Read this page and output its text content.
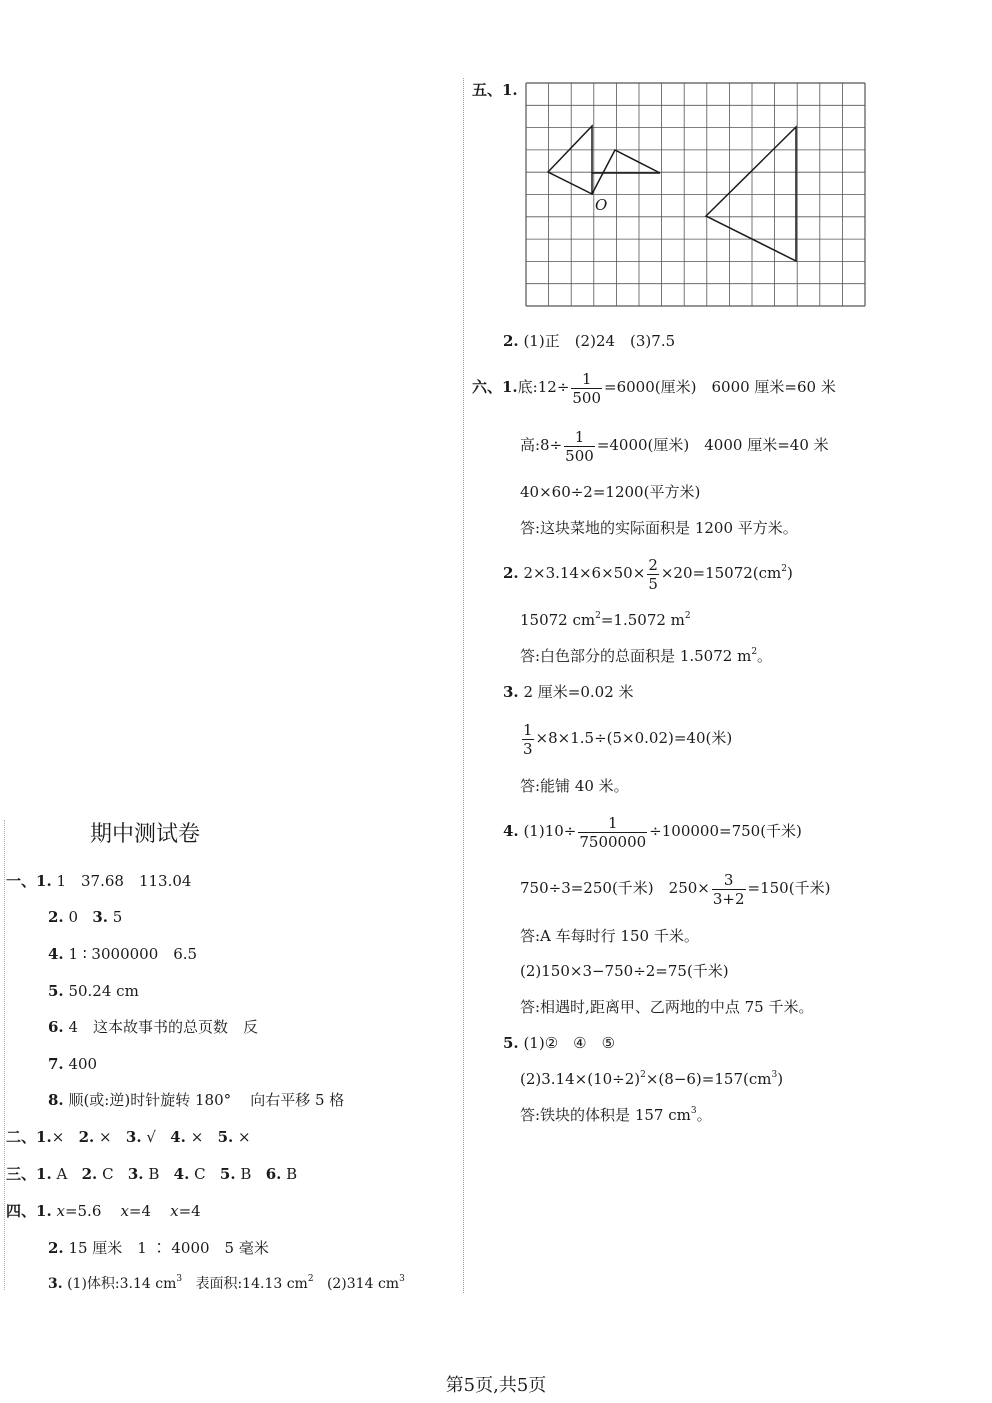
期中测试卷
一、1. 1　37.68　113.04
2. 0 3. 5
4. 1 ∶ 3000000　6.5
5. 50.24 cm
6. 4　这本故事书的总页数　反
7. 400
8. 顺(或:逆)时针旋转 180° 向右平移 5 格
二、1.× 2. × 3. √ 4. × 5. ×
三、1. A 2. C 3. B 4. C 5. B 6. B
四、1. x=5.6 x=4 x=4
2. 15 厘米　1 ∶ 4000　5 毫米
3. (1)体积:3.14 $cm^3$ 表面积:14.13 $cm^2$ (2)314 $cm^3$
五、1.
O
2. (1)正　(2)24　(3)7.5
六、1.底:12÷ $\frac{1}{500} =6000$(厘米)　6000 厘米=60 米
高:8÷ $\frac{1}{500} =4000$(厘米)　4000 厘米=40 米
40×60÷2=1200(平方米)
答:这块菜地的实际面积是 1200 平方米。
2. $2\times 3.14\times 6\times 50\times \frac{2}{5} \times 20=15072(cm^2)$
15072 $cm^2=1.5072$ $m^2$
答:白色部分的总面积是 1.5072 $m^2$。
3. 2 厘米=0.02 米
$\frac{1}{3} \times 8\times 1.5\div(5\times 0.02)=40$(米)
答:能铺 40 米。
4. $(1)10\div \frac{1}{7500000} \div 100000=750$(千米)
750÷3=250(千米)　$250\times \frac{3}{3+2} =150$(千米)
答:A 车每时行 150 千米。
(2)150×3−750÷2=75(千米)
答:相遇时,距离甲、乙两地的中点 75 千米。
5. (1)②　④　⑤
$(2)3.14\times(10\div 2)^2\times(8-6)=157(cm^3)$
答:铁块的体积是 157 $cm^3$。
第5页,共5页
